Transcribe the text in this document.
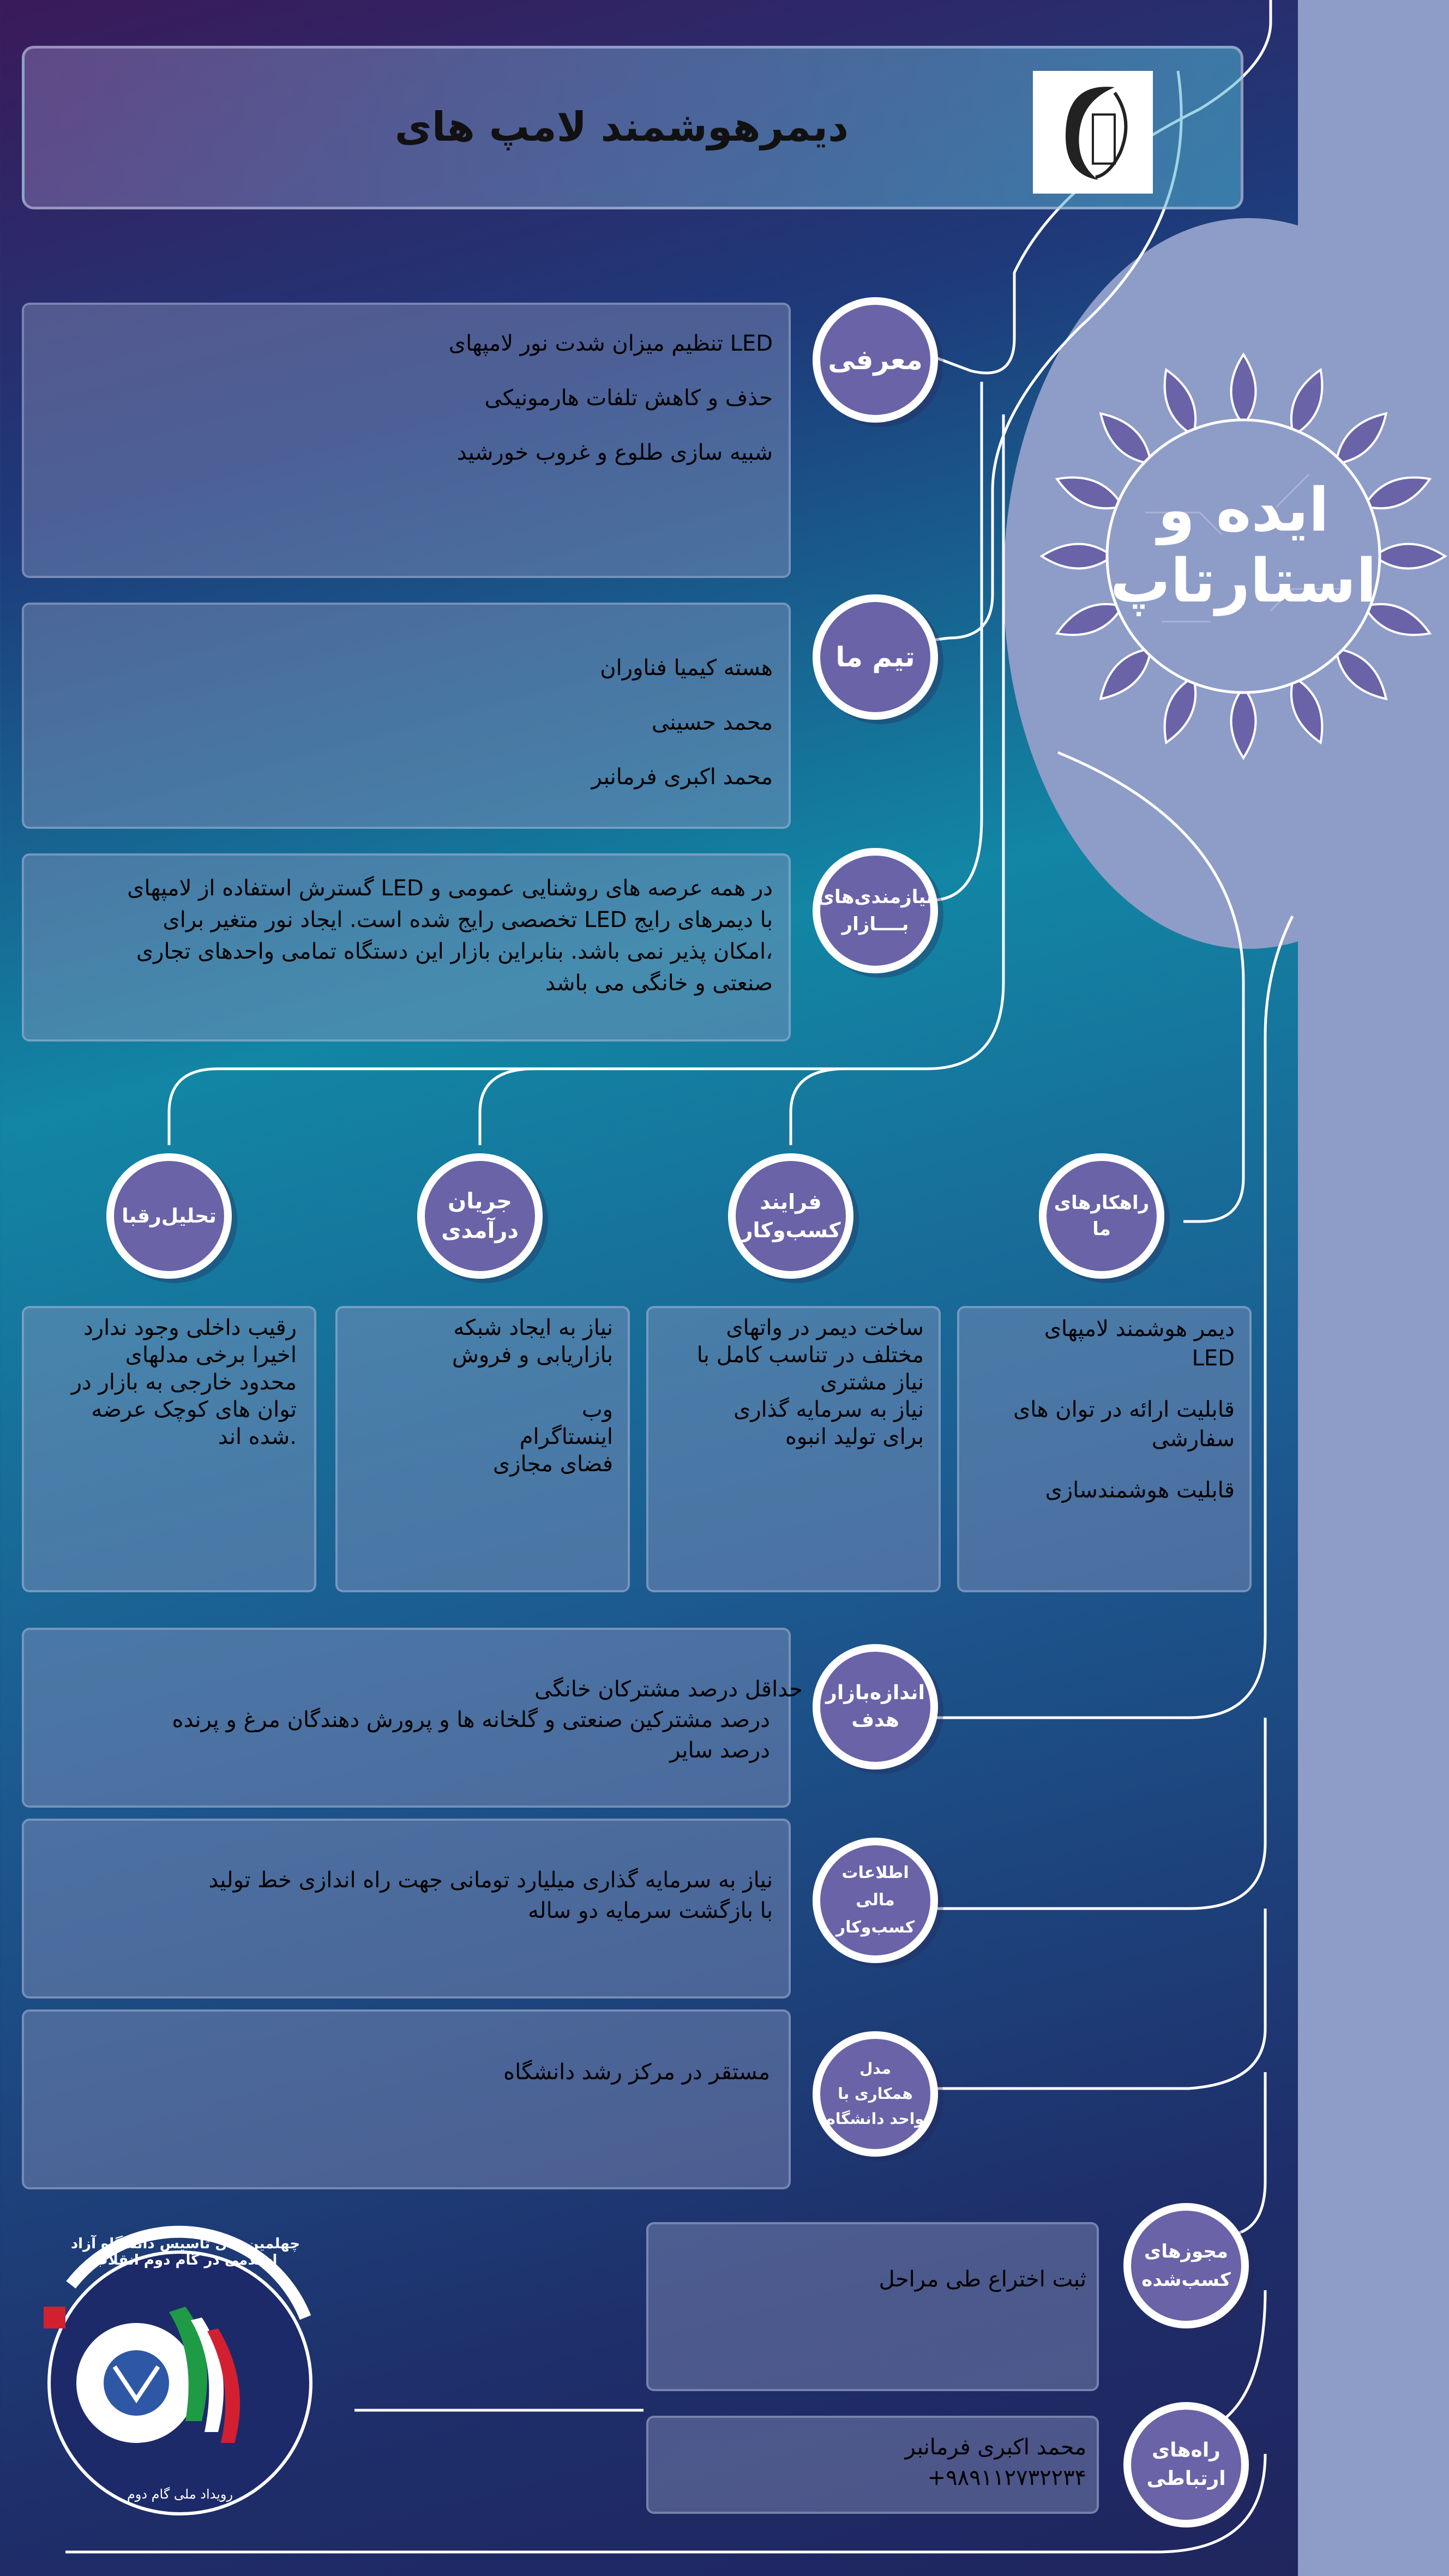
دیمرهوشمند لامپ های
ایده و
استارتاپ
تنظیم میزان شدت نور لامپهای LED
حذف و کاهش تلفات هارمونیکی
شبیه سازی طلوع و غروب خورشید
معرفی
هسته کیمیا فناوران
محمد حسینی
محمد اکبری فرمانبر
تیم ما
گسترش استفاده از لامپهای LED در همه عرصه های روشنایی عمومی و
تخصصی رایج شده است. ایجاد نور متغیر برای LED با دیمرهای رایج
امکان پذیر نمی باشد. بنابراین بازار این دستگاه تمامی واحدهای تجاری،
صنعتی و خانگی می باشد
نیازمندی‌های
بــــازار
راهکارهای
ما
فرایند
کسب‌وکار
جریان
درآمدی
تحلیل‌رقبا
دیمر هوشمند لامپهای
LED
قابلیت ارائه در توان های
سفارشی
قابلیت هوشمندسازی
ساخت دیمر در واتهای
مختلف در تناسب کامل با
نیاز مشتری
نیاز به سرمایه گذاری
برای تولید انبوه
نیاز به ایجاد شبکه
بازاریابی و فروش
وب
اینستاگرام
فضای مجازی
رقیب داخلی وجود ندارد
اخیرا برخی مدلهای
محدود خارجی به بازار در
توان های کوچک عرضه
شده اند.
حداقل درصد مشترکان خانگی
درصد مشترکین صنعتی و گلخانه ها و پرورش دهندگان مرغ و پرنده
درصد سایر
اندازه‌بازار
هدف
نیاز به سرمایه گذاری میلیارد تومانی جهت راه اندازی خط تولید
با بازگشت سرمایه دو ساله
اطلاعات مالی
کسب‌وکار
مستقر در مرکز رشد دانشگاه	مدل
همکاری با
واحد دانشگاه
ثبت اختراع طی مراحل
مجوزهای
کسب‌شده
محمد اکبری فرمانبر
+۹۸۹۱۱۲۷۳۲۲۳۴
راه‌های
ارتباطی
چهلمین‌سال تاسیس دانشگاه آزاد اسلامی در گام دوم انقلاب
رویداد ملی گام دوم
